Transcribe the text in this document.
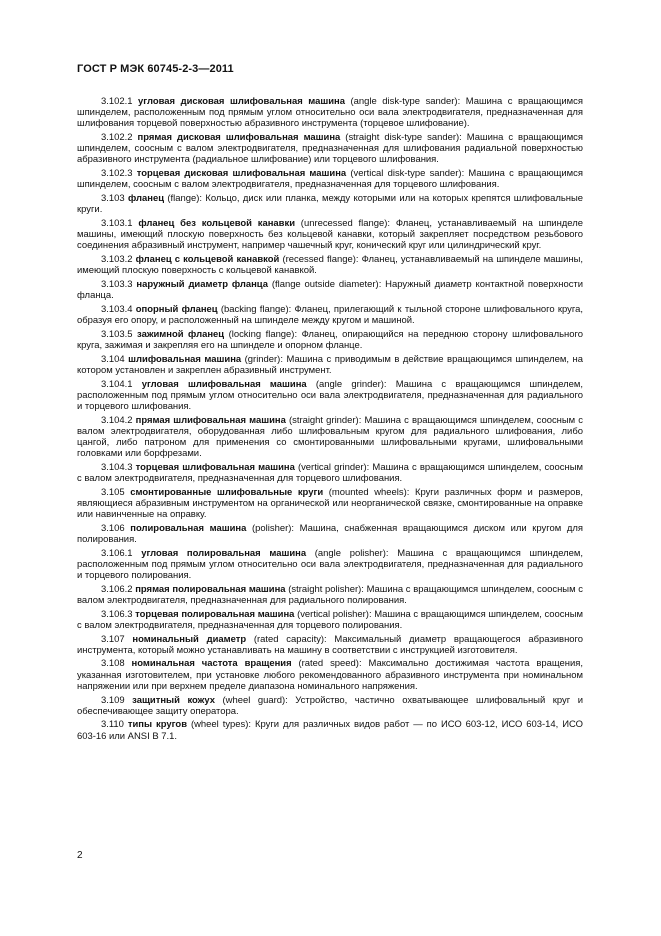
ГОСТ Р МЭК 60745-2-3—2011

3.102.1 угловая дисковая шлифовальная машина (angle disk-type sander): Машина с вращающимся шпинделем, расположенным под прямым углом относительно оси вала электродвигателя, предназначенная для шлифования торцевой поверхностью абразивного инструмента (торцевое шлифование).

3.102.2 прямая дисковая шлифовальная машина (straight disk-type sander): Машина с вращающимся шпинделем, соосным с валом электродвигателя, предназначенная для шлифования радиальной поверхностью абразивного инструмента (радиальное шлифование) или торцевого шлифования.

3.102.3 торцевая дисковая шлифовальная машина (vertical disk-type sander): Машина с вращающимся шпинделем, соосным с валом электродвигателя, предназначенная для торцевого шлифования.

3.103 фланец (flange): Кольцо, диск или планка, между которыми или на которых крепятся шлифовальные круги.

3.103.1 фланец без кольцевой канавки (unrecessed flange): Фланец, устанавливаемый на шпинделе машины, имеющий плоскую поверхность без кольцевой канавки, который закрепляет посредством резьбового соединения абразивный инструмент, например чашечный круг, конический круг или цилиндрический круг.

3.103.2 фланец с кольцевой канавкой (recessed flange): Фланец, устанавливаемый на шпинделе машины, имеющий плоскую поверхность с кольцевой канавкой.

3.103.3 наружный диаметр фланца (flange outside diameter): Наружный диаметр контактной поверхности фланца.

3.103.4 опорный фланец (backing flange): Фланец, прилегающий к тыльной стороне шлифовального круга, образуя его опору, и расположенный на шпинделе между кругом и машиной.

3.103.5 зажимной фланец (locking flange): Фланец, опирающийся на переднюю сторону шлифовального круга, зажимая и закрепляя его на шпинделе и опорном фланце.

3.104 шлифовальная машина (grinder): Машина с приводимым в действие вращающимся шпинделем, на котором установлен и закреплен абразивный инструмент.

3.104.1 угловая шлифовальная машина (angle grinder): Машина с вращающимся шпинделем, расположенным под прямым углом относительно оси вала электродвигателя, предназначенная для радиального и торцевого шлифования.

3.104.2 прямая шлифовальная машина (straight grinder): Машина с вращающимся шпинделем, соосным с валом электродвигателя, оборудованная либо шлифовальным кругом для радиального шлифования, либо цангой, либо патроном для применения со смонтированными шлифовальными кругами, шлифовальными головками или борфрезами.

3.104.3 торцевая шлифовальная машина (vertical grinder): Машина с вращающимся шпинделем, соосным с валом электродвигателя, предназначенная для торцевого шлифования.

3.105 смонтированные шлифовальные круги (mounted wheels): Круги различных форм и размеров, являющиеся абразивным инструментом на органической или неорганической связке, смонтированные на оправке или навинченные на оправку.

3.106 полировальная машина (polisher): Машина, снабженная вращающимся диском или кругом для полирования.

3.106.1 угловая полировальная машина (angle polisher): Машина с вращающимся шпинделем, расположенным под прямым углом относительно оси вала электродвигателя, предназначенная для радиального и торцевого полирования.

3.106.2 прямая полировальная машина (straight polisher): Машина с вращающимся шпинделем, соосным с валом электродвигателя, предназначенная для радиального полирования.

3.106.3 торцевая полировальная машина (vertical polisher): Машина с вращающимся шпинделем, соосным с валом электродвигателя, предназначенная для торцевого полирования.

3.107 номинальный диаметр (rated capacity): Максимальный диаметр вращающегося абразивного инструмента, который можно устанавливать на машину в соответствии с инструкцией изготовителя.

3.108 номинальная частота вращения (rated speed): Максимально достижимая частота вращения, указанная изготовителем, при установке любого рекомендованного абразивного инструмента при номинальном напряжении или при верхнем пределе диапазона номинального напряжения.

3.109 защитный кожух (wheel guard): Устройство, частично охватывающее шлифовальный круг и обеспечивающее защиту оператора.

3.110 типы кругов (wheel types): Круги для различных видов работ — по ИСО 603-12, ИСО 603-14, ИСО 603-16 или ANSI B 7.1.

2
